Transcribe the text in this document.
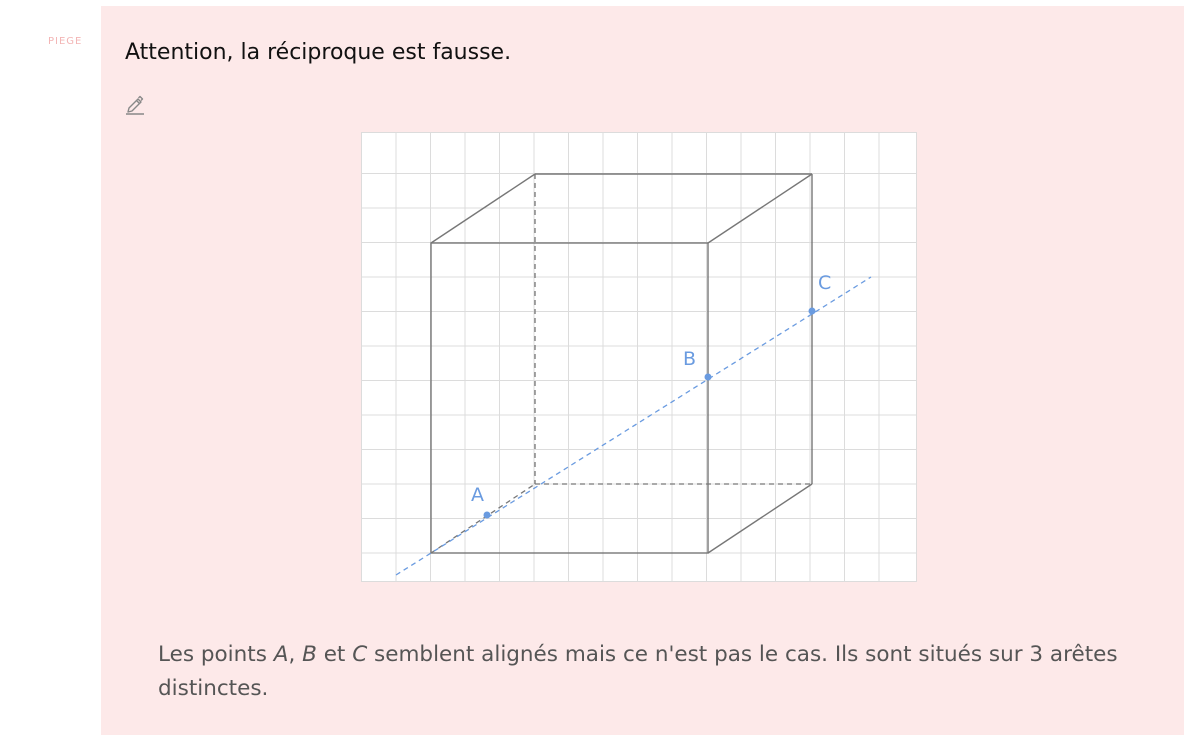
PIEGE Attention, la réciproque est fausse.
A
B
C
Les points A, B et C semblent alignés mais ce n'est pas le cas. Ils sont situés sur 3 arêtes distinctes.
